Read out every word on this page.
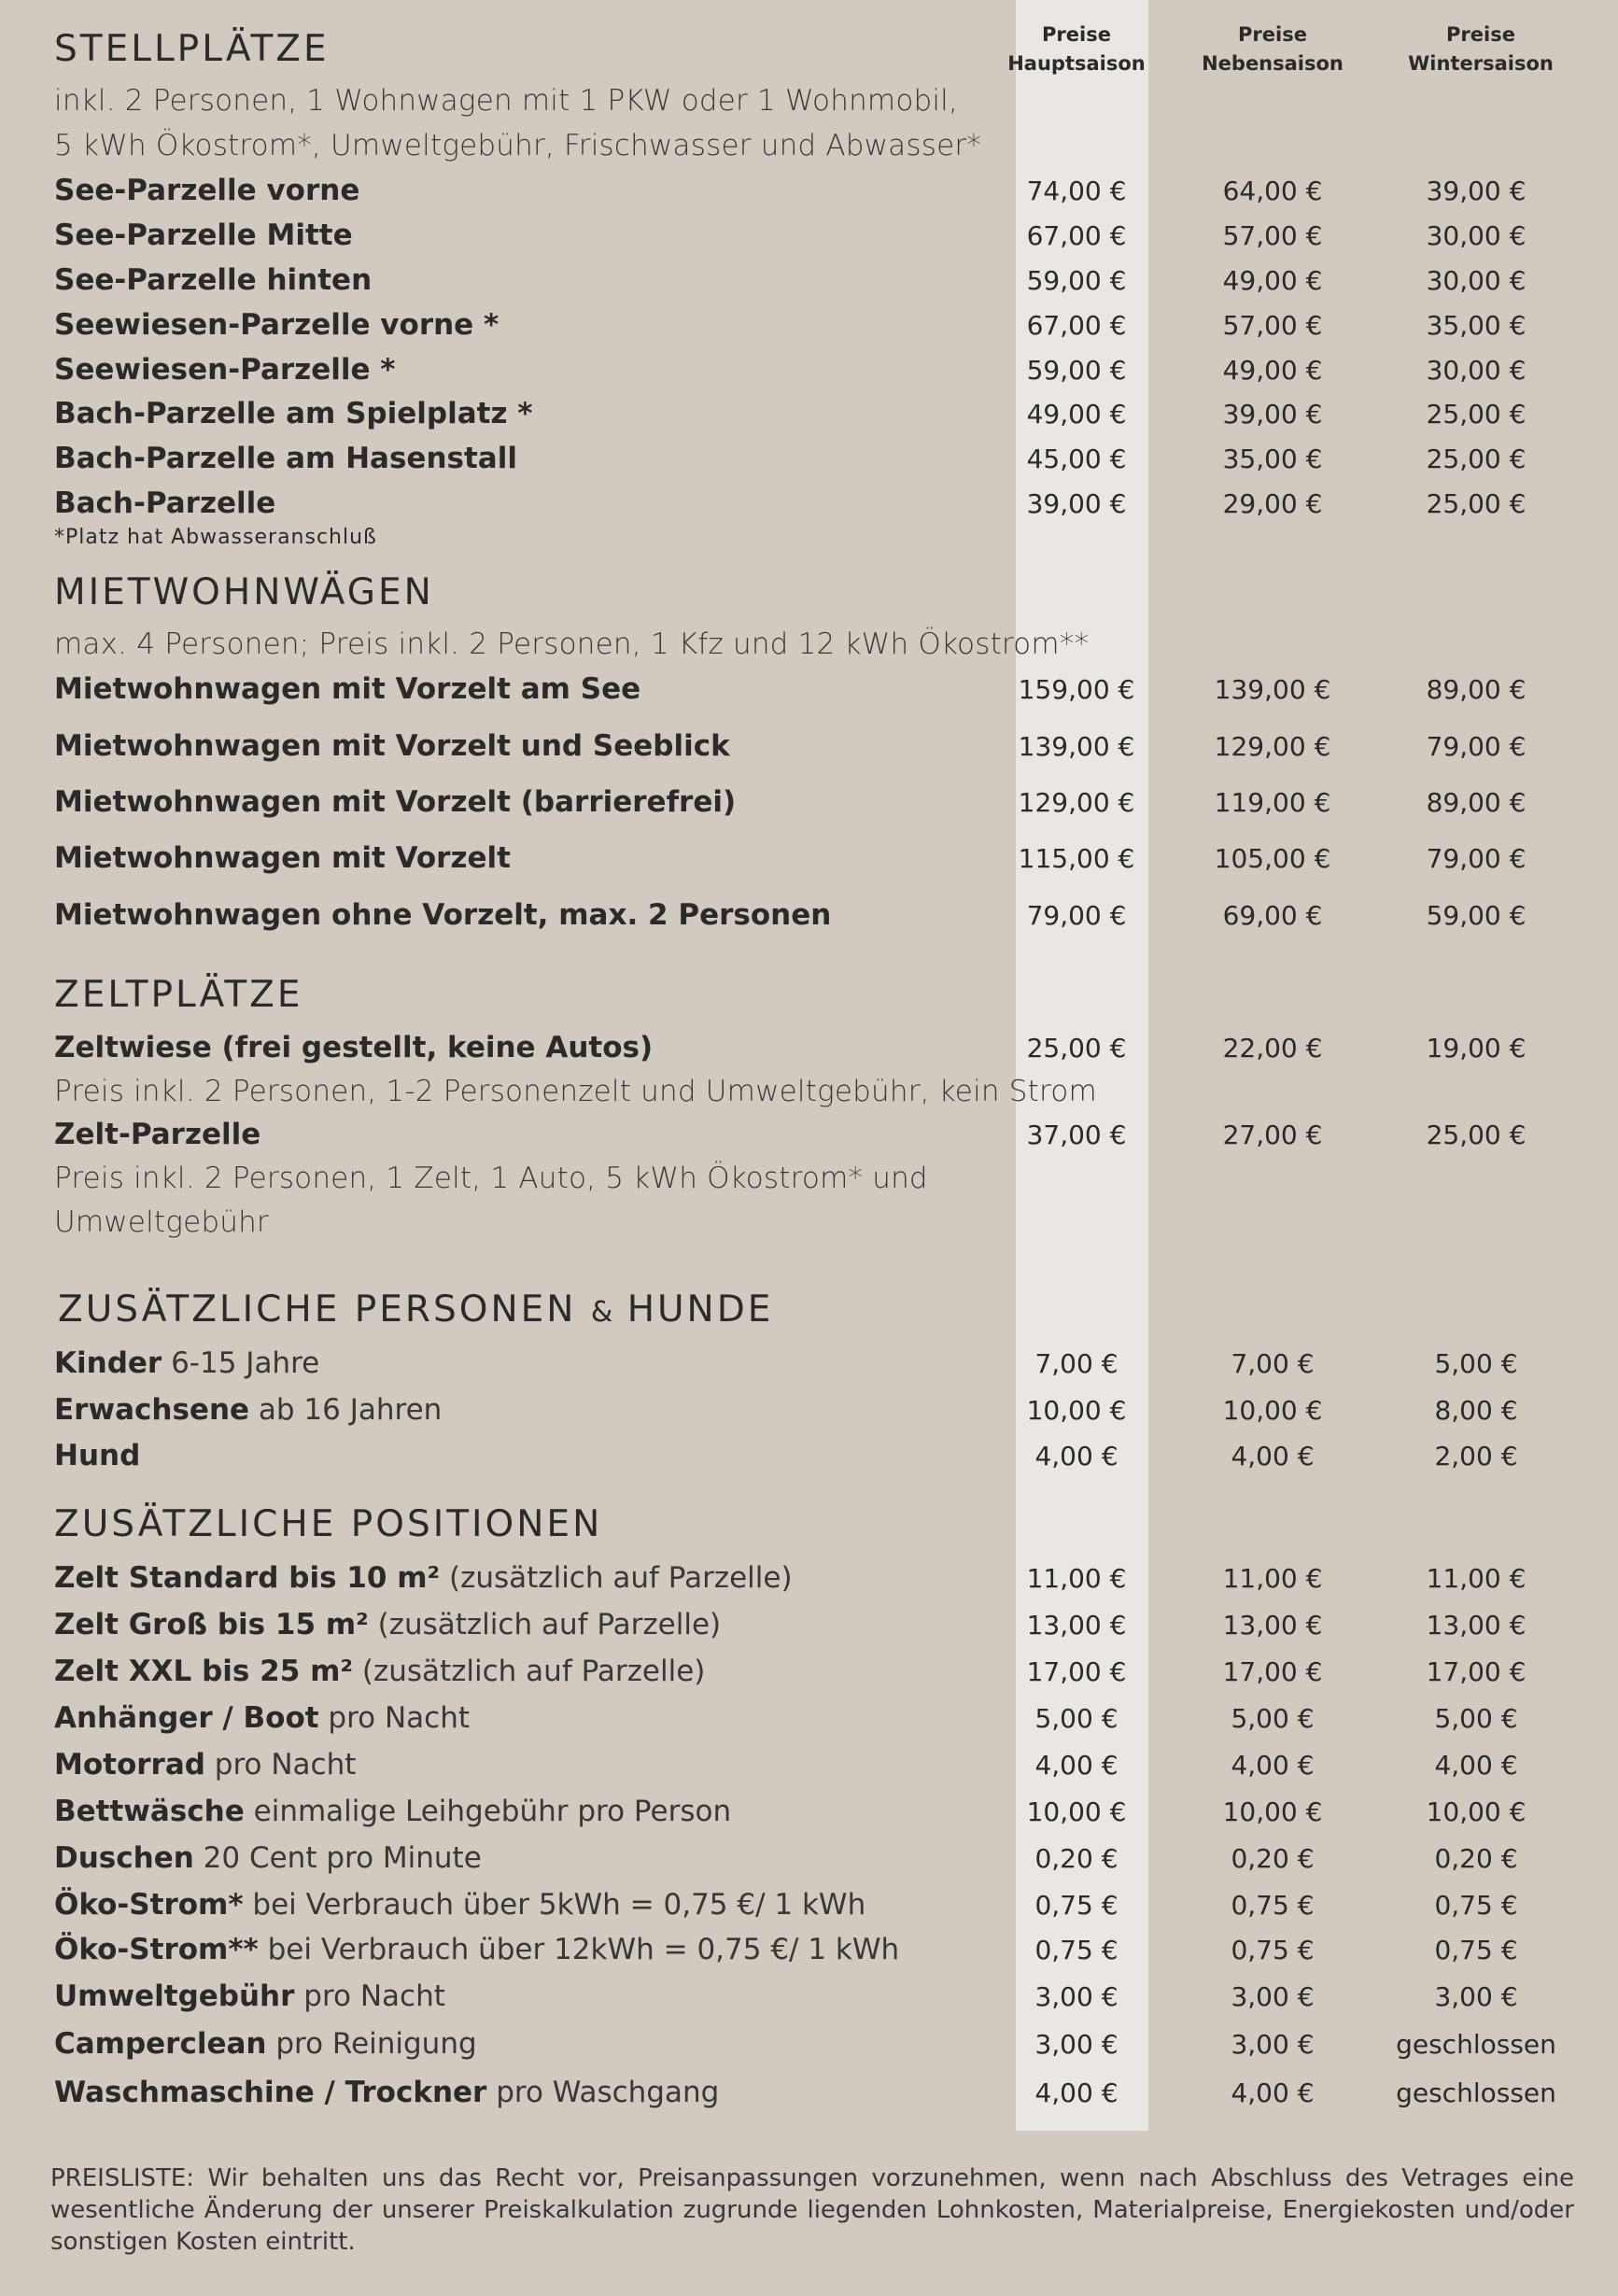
Preise
Hauptsaison
Preise
Nebensaison
Preise
Wintersaison
STELLPLÄTZE
inkl. 2 Personen, 1 Wohnwagen mit 1 PKW oder 1 Wohnmobil,
5 kWh Ökostrom*, Umweltgebühr, Frischwasser und Abwasser*
See-Parzelle vorne	74,00 €	64,00 €	39,00 €
See-Parzelle Mitte	67,00 €	57,00 €	30,00 €
See-Parzelle hinten	59,00 €	49,00 €	30,00 €
Seewiesen-Parzelle vorne *	67,00 €	57,00 €	35,00 €
Seewiesen-Parzelle *	59,00 €	49,00 €	30,00 €
Bach-Parzelle am Spielplatz *	49,00 €	39,00 €	25,00 €
Bach-Parzelle am Hasenstall	45,00 €	35,00 €	25,00 €
Bach-Parzelle	39,00 €	29,00 €	25,00 €
*Platz hat Abwasseranschluß
MIETWOHNWÄGEN
max. 4 Personen; Preis inkl. 2 Personen, 1 Kfz und 12 kWh Ökostrom**
Mietwohnwagen mit Vorzelt am See	159,00 €	139,00 €	89,00 €
Mietwohnwagen mit Vorzelt und Seeblick	139,00 €	129,00 €	79,00 €
Mietwohnwagen mit Vorzelt (barrierefrei)	129,00 €	119,00 €	89,00 €
Mietwohnwagen mit Vorzelt	115,00 €	105,00 €	79,00 €
Mietwohnwagen ohne Vorzelt, max. 2 Personen	79,00 €	69,00 €	59,00 €
ZELTPLÄTZE
Zeltwiese (frei gestellt, keine Autos)	25,00 €	22,00 €	19,00 €
Zelt-Parzelle	37,00 €	27,00 €	25,00 €
Preis inkl. 2 Personen, 1-2 Personenzelt und Umweltgebühr, kein Strom
Preis inkl. 2 Personen, 1 Zelt, 1 Auto, 5 kWh Ökostrom* und
Umweltgebühr
ZUSÄTZLICHE PERSONEN & HUNDE
Kinder 6-15 Jahre	7,00 €	7,00 €	5,00 €
Erwachsene ab 16 Jahren	10,00 €	10,00 €	8,00 €
Hund	4,00 €	4,00 €	2,00 €
ZUSÄTZLICHE POSITIONEN
Zelt Standard bis 10 m² (zusätzlich auf Parzelle)	11,00 €	11,00 €	11,00 €
Zelt Groß bis 15 m² (zusätzlich auf Parzelle)	13,00 €	13,00 €	13,00 €
Zelt XXL bis 25 m² (zusätzlich auf Parzelle)	17,00 €	17,00 €	17,00 €
Anhänger / Boot pro Nacht	5,00 €	5,00 €	5,00 €
Motorrad pro Nacht	4,00 €	4,00 €	4,00 €
Bettwäsche einmalige Leihgebühr pro Person	10,00 €	10,00 €	10,00 €
Duschen 20 Cent pro Minute	0,20 €	0,20 €	0,20 €
Öko-Strom* bei Verbrauch über 5kWh = 0,75 €/ 1 kWh	0,75 €	0,75 €	0,75 €
Öko-Strom** bei Verbrauch über 12kWh = 0,75 €/ 1 kWh	0,75 €	0,75 €	0,75 €
Umweltgebühr pro Nacht	3,00 €	3,00 €	3,00 €
Camperclean pro Reinigung	3,00 €	3,00 €	geschlossen
Waschmaschine / Trockner pro Waschgang	4,00 €	4,00 €	geschlossen
PREISLISTE: Wir behalten uns das Recht vor, Preisanpassungen vorzunehmen, wenn nach Abschluss des Vetrages eine wesentliche Änderung der unserer Preiskalkulation zugrunde liegenden Lohnkosten, Materialpreise, Energiekosten und/oder sonstigen Kosten eintritt.
